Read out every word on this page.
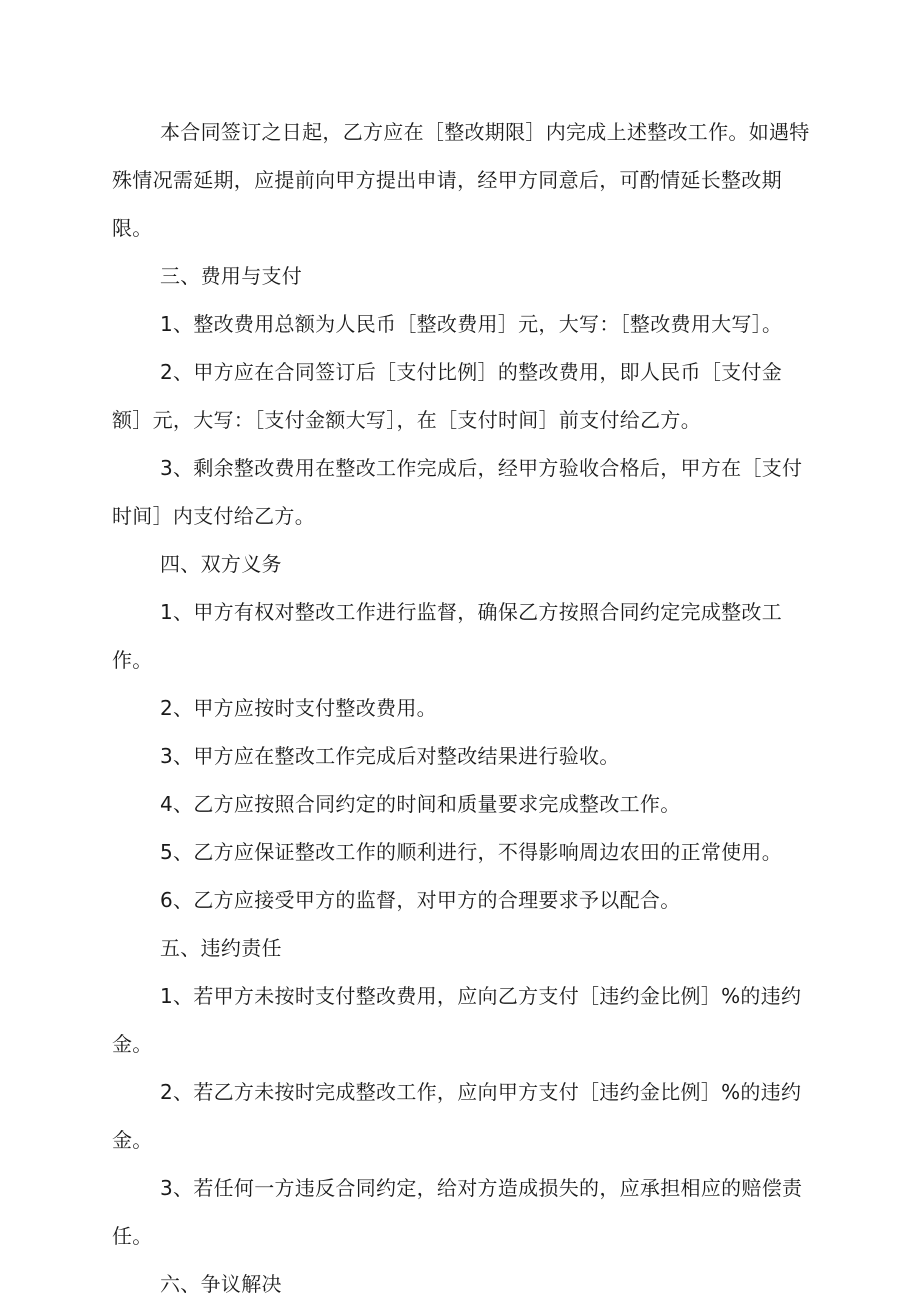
本合同签订之日起，乙方应在［整改期限］内完成上述整改工作。如遇特殊情况需延期，应提前向甲方提出申请，经甲方同意后，可酌情延长整改期限。

三、费用与支付

1、整改费用总额为人民币［整改费用］元，大写：［整改费用大写］。

2、甲方应在合同签订后［支付比例］的整改费用，即人民币［支付金额］元，大写：［支付金额大写］，在［支付时间］前支付给乙方。

3、剩余整改费用在整改工作完成后，经甲方验收合格后，甲方在［支付时间］内支付给乙方。

四、双方义务

1、甲方有权对整改工作进行监督，确保乙方按照合同约定完成整改工作。

2、甲方应按时支付整改费用。

3、甲方应在整改工作完成后对整改结果进行验收。

4、乙方应按照合同约定的时间和质量要求完成整改工作。

5、乙方应保证整改工作的顺利进行，不得影响周边农田的正常使用。

6、乙方应接受甲方的监督，对甲方的合理要求予以配合。

五、违约责任

1、若甲方未按时支付整改费用，应向乙方支付［违约金比例］%的违约金。

2、若乙方未按时完成整改工作，应向甲方支付［违约金比例］%的违约金。

3、若任何一方违反合同约定，给对方造成损失的，应承担相应的赔偿责任。

六、争议解决
